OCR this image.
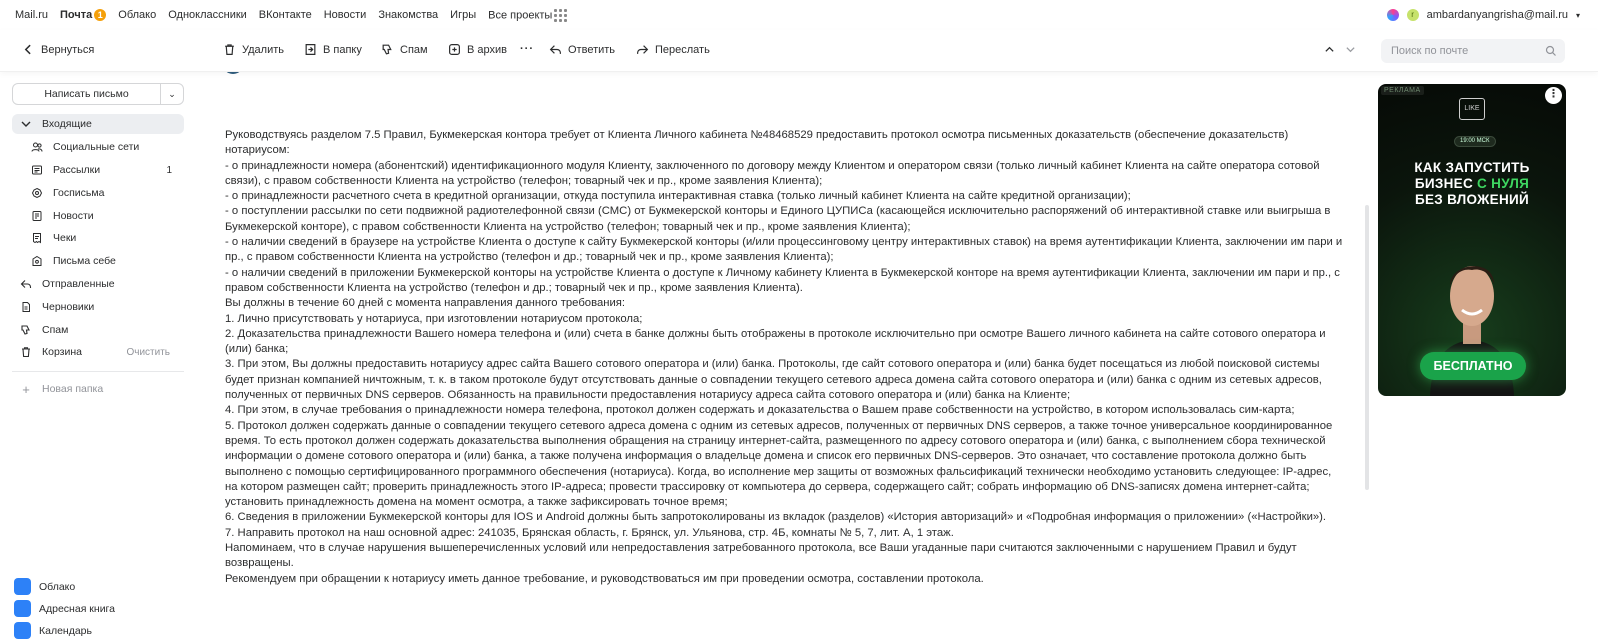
Mail.ru Почта 1	Облако Одноклассники ВКонтакте Новости Знакомства Игры Все проекты	r	ambardanyangrisha@mail.ru ▾
Вернуться	Удалить	В папку	Спам	В архив ···	Ответить	Переслать	Поиск по почте
Написать письмо	⌄
Входящие
Социальные сети
Рассылки	1
Госписьма
Новости
Чеки
Письма себе
Отправленные
Черновики
Спам
Корзина	Очистить
+ Новая папка
Облако
Адресная книга
Календарь

Руководствуясь разделом 7.5 Правил, Букмекерская контора требует от Клиента Личного кабинета №48468529 предоставить протокол осмотра письменных доказательств (обеспечение доказательств) нотариусом:

- о принадлежности номера (абонентский) идентификационного модуля Клиенту, заключенного по договору между Клиентом и оператором связи (только личный кабинет Клиента на сайте оператора сотовой связи), с правом собственности Клиента на устройство (телефон; товарный чек и пр., кроме заявления Клиента);

- о принадлежности расчетного счета в кредитной организации, откуда поступила интерактивная ставка (только личный кабинет Клиента на сайте кредитной организации);

- о поступлении рассылки по сети подвижной радиотелефонной связи (СМС) от Букмекерской конторы и Единого ЦУПИСа (касающейся исключительно распоряжений об интерактивной ставке или выигрыша в Букмекерской конторе), с правом собственности Клиента на устройство (телефон; товарный чек и пр., кроме заявления Клиента);

- о наличии сведений в браузере на устройстве Клиента о доступе к сайту Букмекерской конторы (и/или процессинговому центру интерактивных ставок) на время аутентификации Клиента, заключении им пари и пр., с правом собственности Клиента на устройство (телефон и др.; товарный чек и пр., кроме заявления Клиента);

- о наличии сведений в приложении Букмекерской конторы на устройстве Клиента о доступе к Личному кабинету Клиента в Букмекерской конторе на время аутентификации Клиента, заключении им пари и пр., с правом собственности Клиента на устройство (телефон и др.; товарный чек и пр., кроме заявления Клиента).

Вы должны в течение 60 дней с момента направления данного требования:

1. Лично присутствовать у нотариуса, при изготовлении нотариусом протокола;

2. Доказательства принадлежности Вашего номера телефона и (или) счета в банке должны быть отображены в протоколе исключительно при осмотре Вашего личного кабинета на сайте сотового оператора и (или) банка;

3. При этом, Вы должны предоставить нотариусу адрес сайта Вашего сотового оператора и (или) банка. Протоколы, где сайт сотового оператора и (или) банка будет посещаться из любой поисковой системы будет признан компанией ничтожным, т. к. в таком протоколе будут отсутствовать данные о совпадении текущего сетевого адреса домена сайта сотового оператора и (или) банка с одним из сетевых адресов, полученных от первичных DNS серверов. Обязанность на правильности предоставления нотариусу адреса сайта сотового оператора и (или) банка на Клиенте;

4. При этом, в случае требования о принадлежности номера телефона, протокол должен содержать и доказательства о Вашем праве собственности на устройство, в котором использовалась сим-карта;

5. Протокол должен содержать данные о совпадении текущего сетевого адреса домена с одним из сетевых адресов, полученных от первичных DNS серверов, а также точное универсальное координированное время. То есть протокол должен содержать доказательства выполнения обращения на страницу интернет-сайта, размещенного по адресу сотового оператора и (или) банка, с выполнением сбора технической информации о домене сотового оператора и (или) банка, а также получена информация о владельце домена и список его первичных DNS-серверов. Это означает, что составление протокола должно быть выполнено с помощью сертифицированного программного обеспечения (нотариуса). Когда, во исполнение мер защиты от возможных фальсификаций технически необходимо установить следующее: IP-адрес, на котором размещен сайт; проверить принадлежность этого IP-адреса; провести трассировку от компьютера до сервера, содержащего сайт; собрать информацию об DNS-записях домена интернет-сайта; установить принадлежность домена на момент осмотра, а также зафиксировать точное время;

6. Сведения в приложении Букмекерской конторы для IOS и Android должны быть запротоколированы из вкладок (разделов) «История авторизаций» и «Подробная информация о приложении» («Настройки»).

7. Направить протокол на наш основной адрес: 241035, Брянская область, г. Брянск, ул. Ульянова, стр. 4Б, комнаты № 5, 7, лит. А, 1 этаж.

Напоминаем, что в случае нарушения вышеперечисленных условий или непредоставления затребованного протокола, все Ваши угаданные пари считаются заключенными с нарушением Правил и будут возвращены.

Рекомендуем при обращении к нотариусу иметь данное требование, и руководствоваться им при проведении осмотра, составлении протокола.

РЕКЛАМА	⋮
LIKE
19:00 МСК
КАК ЗАПУСТИТЬ
БИЗНЕС С НУЛЯ
БЕЗ ВЛОЖЕНИЙ
БЕСПЛАТНО
